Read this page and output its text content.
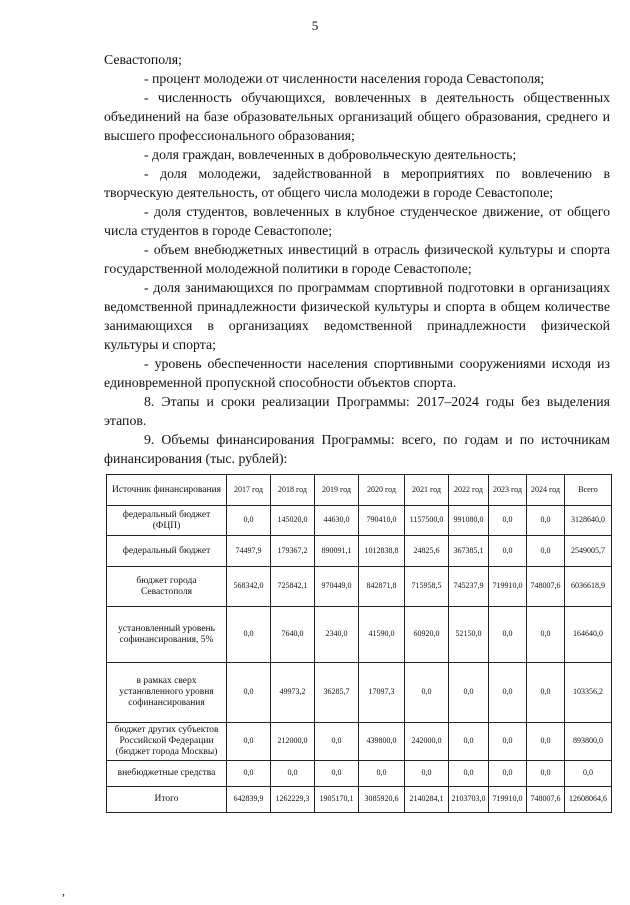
5

Севастополя;

- процент молодежи от численности населения города Севастополя;

- численность обучающихся, вовлеченных в деятельность общественных объединений на базе образовательных организаций общего образования, среднего и высшего профессионального образования;

- доля граждан, вовлеченных в добровольческую деятельность;

- доля молодежи, задействованной в мероприятиях по вовлечению в творческую деятельность, от общего числа молодежи в городе Севастополе;

- доля студентов, вовлеченных в клубное студенческое движение, от общего числа студентов в городе Севастополе;

- объем внебюджетных инвестиций в отрасль физической культуры и спорта государственной молодежной политики в городе Севастополе;

- доля занимающихся по программам спортивной подготовки в организациях ведомственной принадлежности физической культуры и спорта в общем количестве занимающихся в организациях ведомственной принадлежности физической культуры и спорта;

- уровень обеспеченности населения спортивными сооружениями исходя из единовременной пропускной способности объектов спорта.

8. Этапы и сроки реализации Программы: 2017–2024 годы без выделения этапов.

9. Объемы финансирования Программы: всего, по годам и по источникам финансирования (тыс. рублей):

Источник финансирования	2017 год	2018 год	2019 год	2020 год	2021 год	2022 год	2023 год	2024 год	Всего
федеральный бюджет (ФЦП)	0,0	145020,0	44630,0	790410,0	1157500,0	991080,0	0,0	0,0	3128640,0
федеральный бюджет	74497,9	179367,2	890091,1	1012838,8	24825,6	367385,1	0,0	0,0	2549005,7
бюджет города Севастополя	568342,0	725842,1	970449,0	842871,8	715958,5	745237,9	719910,0	748007,6	6036618,9
установленный уровень софинансирования, 5%	0,0	7640,0	2340,0	41590,0	60920,0	52150,0	0,0	0,0	164640,0
в рамках сверх установленного уровня софинансирования	0,0	49973,2	36285,7	17097,3	0,0	0,0	0,0	0,0	103356,2
бюджет других субъектов Российской Федерации (бюджет города Москвы)	0,0	212000,0	0,0	439800,0	242000,0	0,0	0,0	0,0	893800,0
внебюджетные средства	0,0	0,0	0,0	0,0	0,0	0,0	0,0	0,0	0,0
Итого	642839,9	1262229,3	1905170,1	3085920,6	2140284,1	2103703,0	719910,0	748007,6	12608064,6
,
